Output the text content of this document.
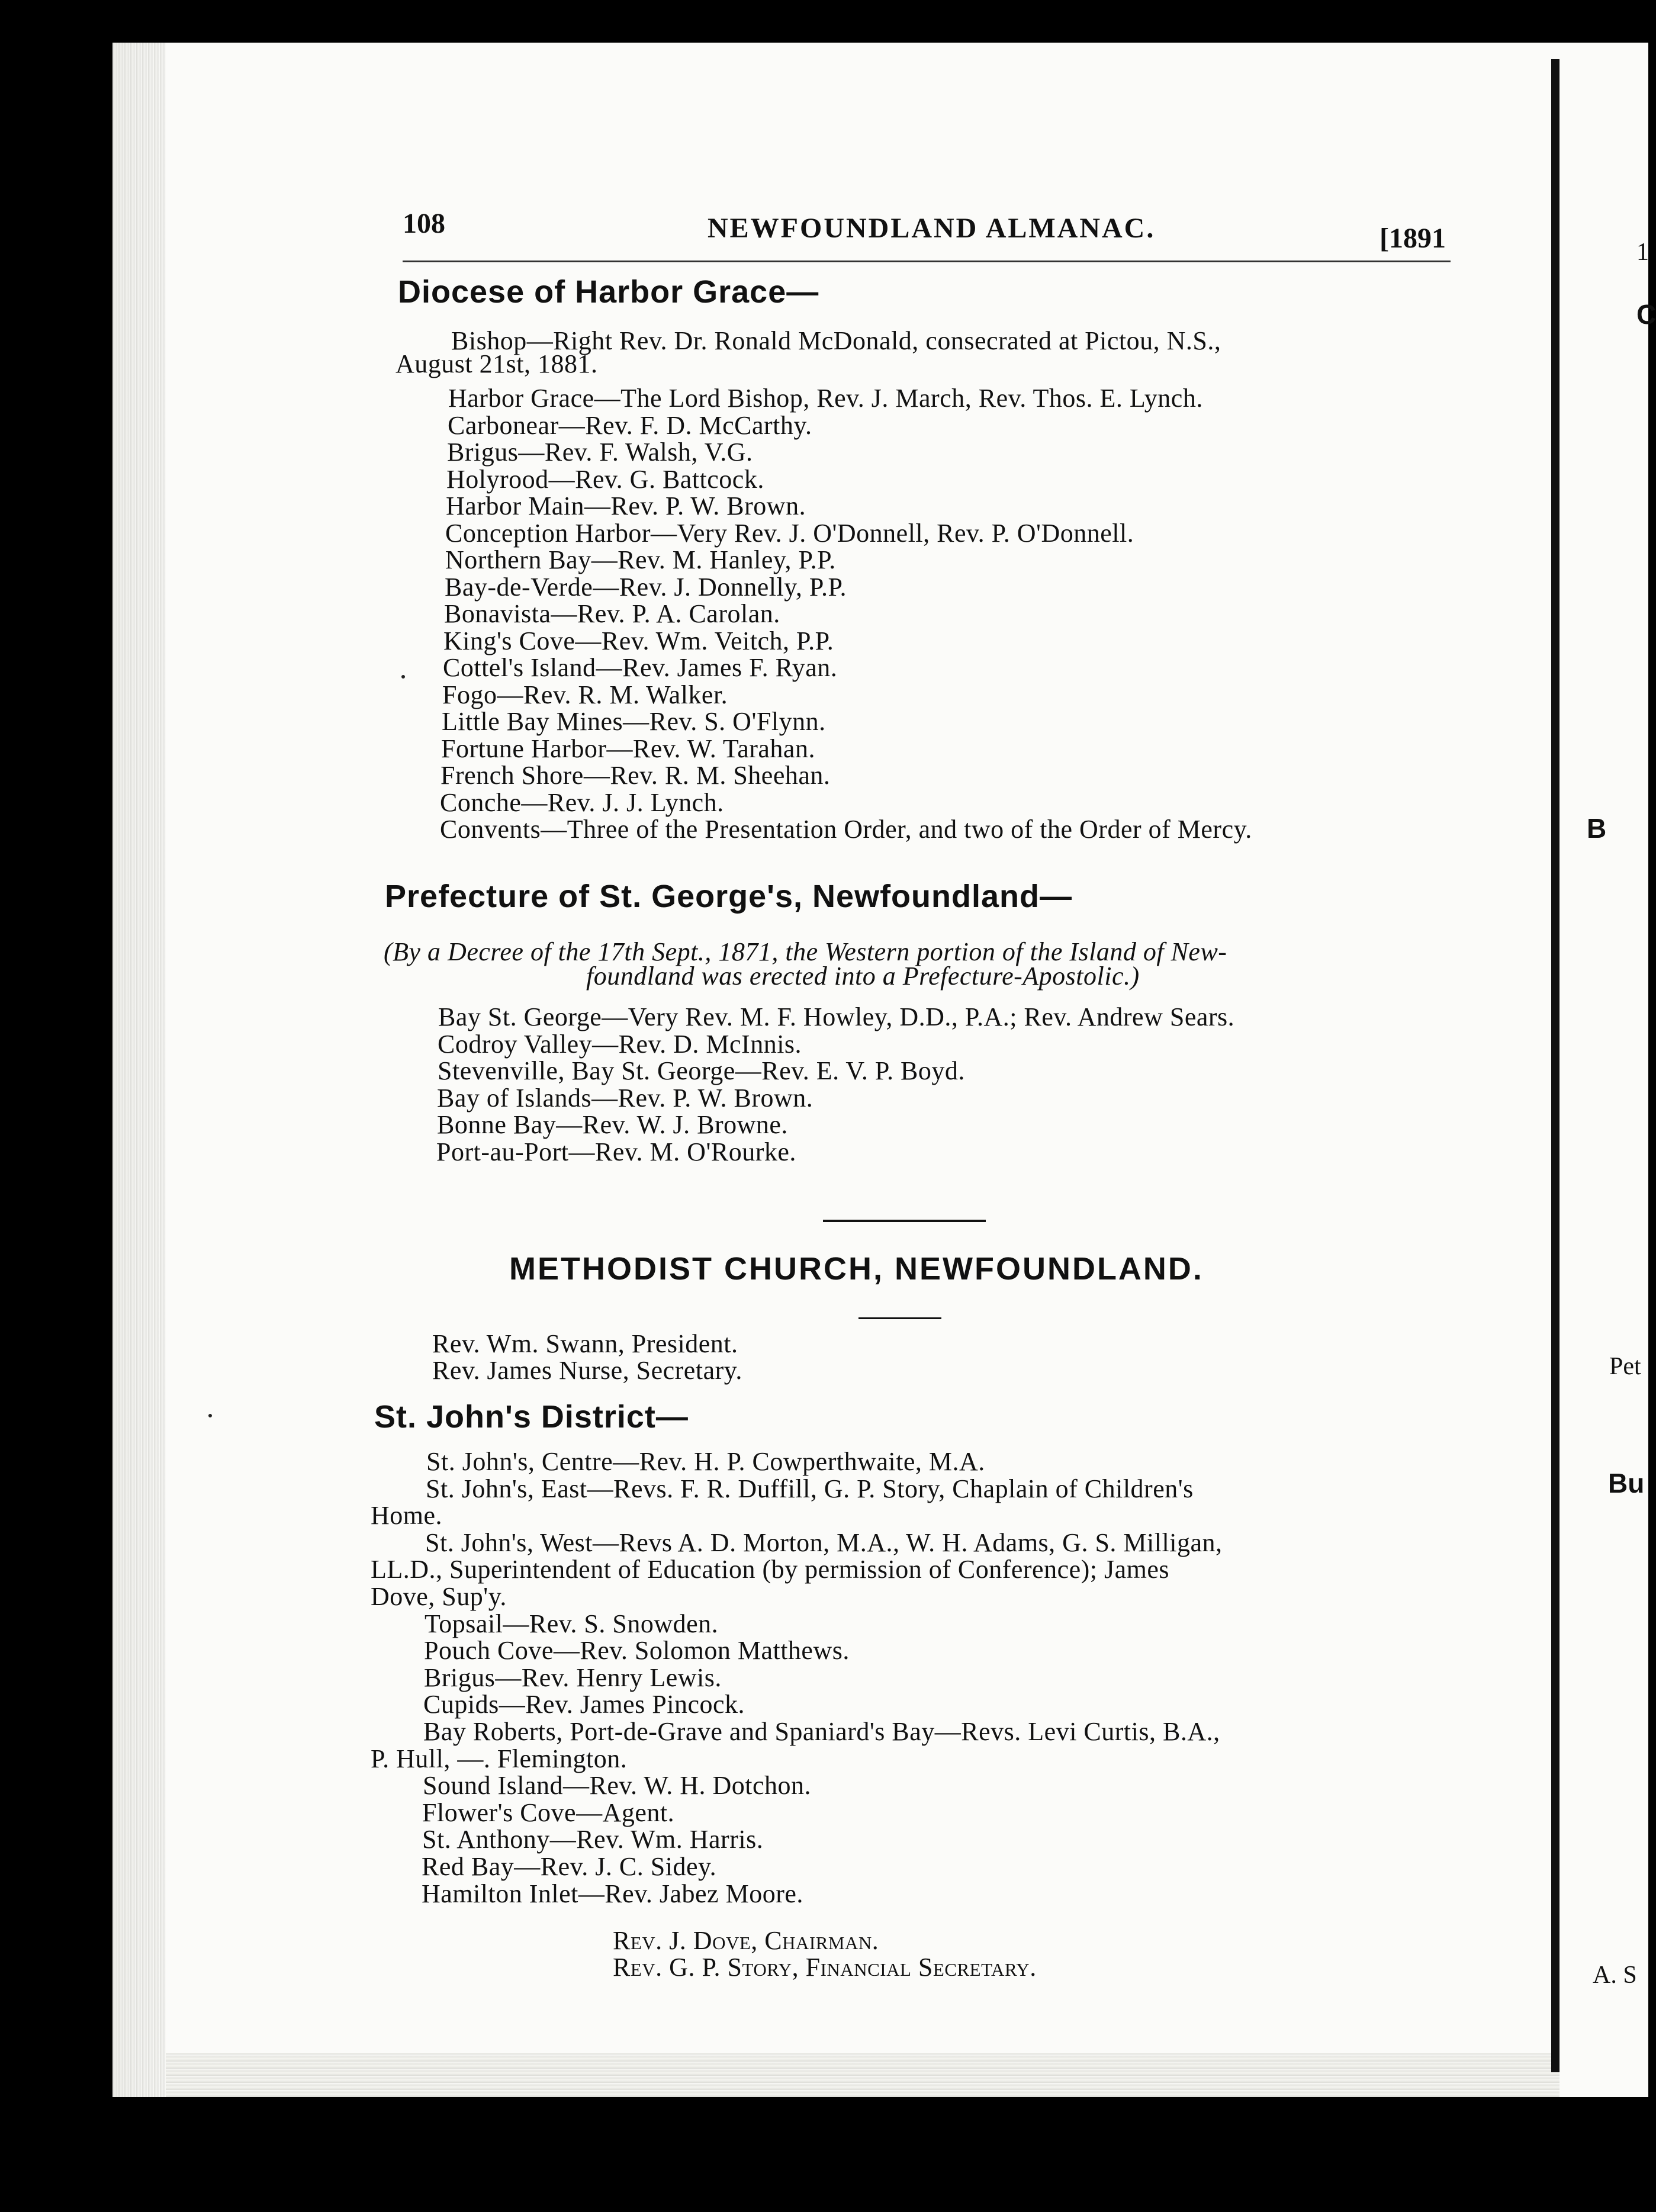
1
C
B
Pet
Bu
A. S
108	NEWFOUNDLAND ALMANAC.	[1891
Diocese of Harbor Grace—
Bishop—Right Rev. Dr. Ronald McDonald, consecrated at Pictou, N.S.,
August 21st, 1881.
Harbor Grace—The Lord Bishop, Rev. J. March, Rev. Thos. E. Lynch.
Carbonear—Rev. F. D. McCarthy.
Brigus—Rev. F. Walsh, V.G.
Holyrood—Rev. G. Battcock.
Harbor Main—Rev. P. W. Brown.
Conception Harbor—Very Rev. J. O'Donnell, Rev. P. O'Donnell.
Northern Bay—Rev. M. Hanley, P.P.
Bay-de-Verde—Rev. J. Donnelly, P.P.
Bonavista—Rev. P. A. Carolan.
King's Cove—Rev. Wm. Veitch, P.P.
Cottel's Island—Rev. James F. Ryan.
Fogo—Rev. R. M. Walker.
Little Bay Mines—Rev. S. O'Flynn.
Fortune Harbor—Rev. W. Tarahan.
French Shore—Rev. R. M. Sheehan.
Conche—Rev. J. J. Lynch.
Convents—Three of the Presentation Order, and two of the Order of Mercy.
Prefecture of St. George's, Newfoundland—
(By a Decree of the 17th Sept., 1871, the Western portion of the Island of New-
foundland was erected into a Prefecture-Apostolic.)
Bay St. George—Very Rev. M. F. Howley, D.D., P.A.; Rev. Andrew Sears.
Codroy Valley—Rev. D. McInnis.
Stevenville, Bay St. George—Rev. E. V. P. Boyd.
Bay of Islands—Rev. P. W. Brown.
Bonne Bay—Rev. W. J. Browne.
Port-au-Port—Rev. M. O'Rourke.
METHODIST CHURCH, NEWFOUNDLAND.
Rev. Wm. Swann, President.
Rev. James Nurse, Secretary.
St. John's District—
St. John's, Centre—Rev. H. P. Cowperthwaite, M.A.
St. John's, East—Revs. F. R. Duffill, G. P. Story, Chaplain of Children's
Home.
St. John's, West—Revs A. D. Morton, M.A., W. H. Adams, G. S. Milligan,
LL.D., Superintendent of Education (by permission of Conference); James
Dove, Sup'y.
Topsail—Rev. S. Snowden.
Pouch Cove—Rev. Solomon Matthews.
Brigus—Rev. Henry Lewis.
Cupids—Rev. James Pincock.
Bay Roberts, Port-de-Grave and Spaniard's Bay—Revs. Levi Curtis, B.A.,
P. Hull, —. Flemington.
Sound Island—Rev. W. H. Dotchon.
Flower's Cove—Agent.
St. Anthony—Rev. Wm. Harris.
Red Bay—Rev. J. C. Sidey.
Hamilton Inlet—Rev. Jabez Moore.
Rev. J. Dove, Chairman.
Rev. G. P. Story, Financial Secretary.
